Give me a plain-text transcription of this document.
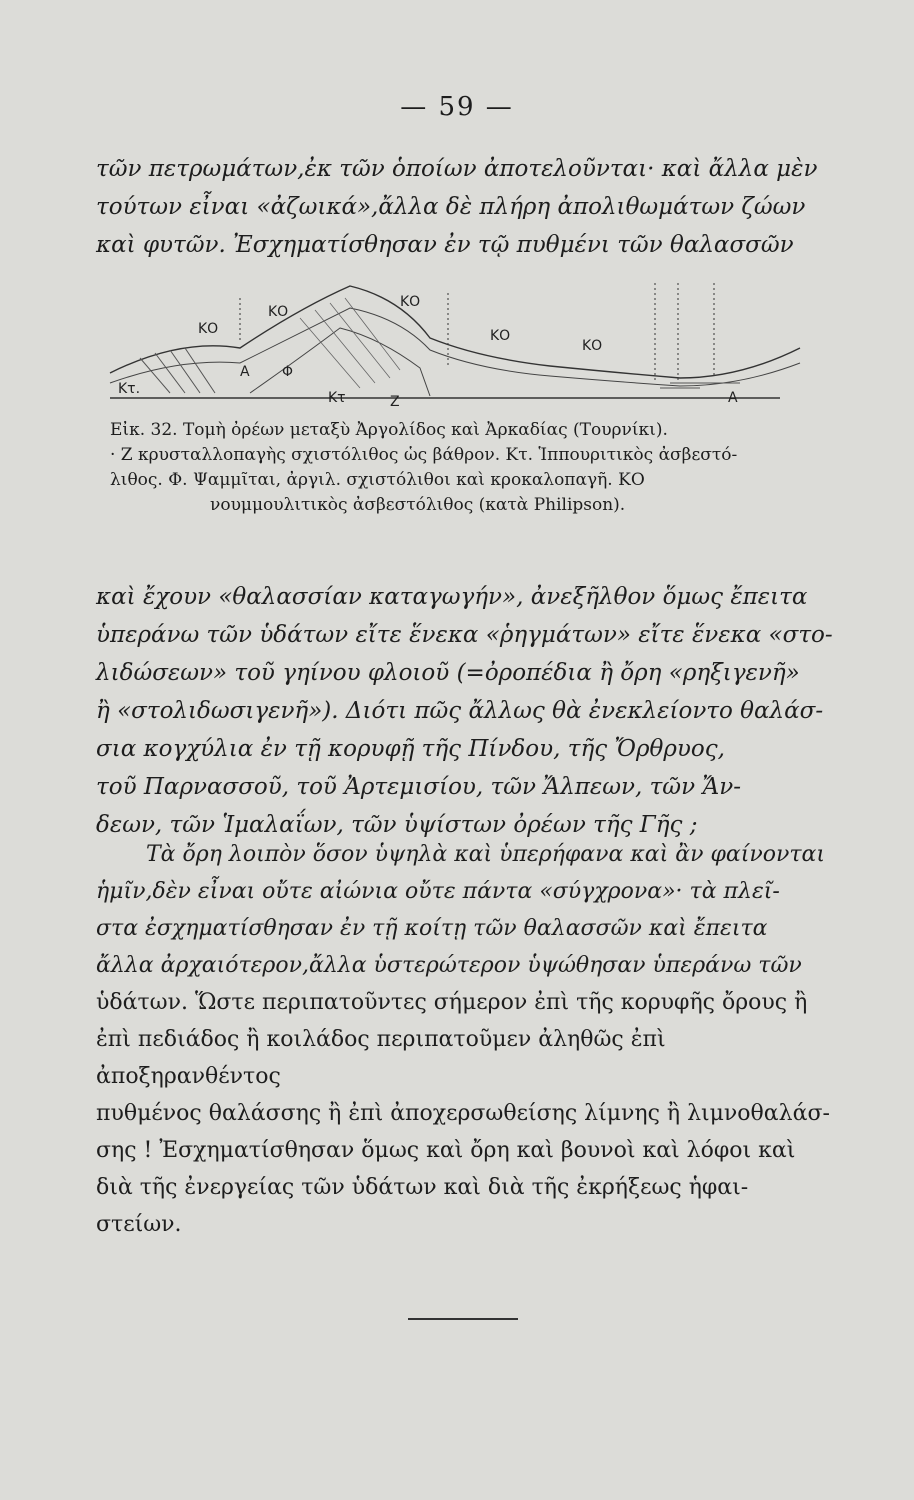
— 59 —

τῶν πετρωμάτων,ἐκ τῶν ὁποίων ἀποτελοῦνται· καὶ ἄλλα μὲν

τούτων εἶναι «ἀζωικά»,ἄλλα δὲ πλήρη ἀπολιθωμάτων ζώων

καὶ φυτῶν. Ἐσχηματίσθησαν ἐν τῷ πυθμένι τῶν θαλασσῶν

ΚΟ
ΚΟ
ΚΟ
ΚΟ
ΚΟ
Α Φ
Κτ.
Κτ	Ζ	Α

Εἰκ. 32. Τομὴ ὀρέων μεταξὺ Ἀργολίδος καὶ Ἀρκαδίας (Τουρνίκι).

· Ζ κρυσταλλοπαγὴς σχιστόλιθος ὡς βάθρον. Κτ. Ἱππουριτικὸς ἀσβεστό-

λιθος. Φ. Ψαμμῖται, ἀργιλ. σχιστόλιθοι καὶ κροκαλοπαγῆ. ΚΟ

νουμμουλιτικὸς ἀσβεστόλιθος (κατὰ Philipson).

καὶ ἔχουν «θαλασσίαν καταγωγήν», ἀνεξῆλθον ὅμως ἔπειτα

ὑπεράνω τῶν ὑδάτων εἴτε ἕνεκα «ῥηγμάτων» εἴτε ἕνεκα «στο-

λιδώσεων» τοῦ γηίνου φλοιοῦ (=ὀροπέδια ἢ ὄρη «ρηξιγενῆ»

ἢ «στολιδωσιγενῆ»). Διότι πῶς ἄλλως θὰ ἐνεκλείοντο θαλάσ-

σια κογχύλια ἐν τῇ κορυφῇ τῆς Πίνδου, τῆς Ὄρθρυος,

τοῦ Παρνασσοῦ, τοῦ Ἀρτεμισίου, τῶν Ἄλπεων, τῶν Ἄν-

δεων, τῶν Ἱμαλαΐων, τῶν ὑψίστων ὀρέων τῆς Γῆς ;

Τὰ ὄρη λοιπὸν ὅσον ὑψηλὰ καὶ ὑπερήφανα καὶ ἂν φαίνονται

ἡμῖν,δὲν εἶναι οὔτε αἰώνια οὔτε πάντα «σύγχρονα»· τὰ πλεῖ-

στα ἐσχηματίσθησαν ἐν τῇ κοίτῃ τῶν θαλασσῶν καὶ ἔπειτα

ἄλλα ἀρχαιότερον,ἄλλα ὑστερώτερον ὑψώθησαν ὑπεράνω τῶν

ὑδάτων. Ὥστε περιπατοῦντες σήμερον ἐπὶ τῆς κορυφῆς ὄρους ἢ

ἐπὶ πεδιάδος ἢ κοιλάδος περιπατοῦμεν ἀληθῶς ἐπὶ ἀποξηρανθέντος

πυθμένος θαλάσσης ἢ ἐπὶ ἀποχερσωθείσης λίμνης ἢ λιμνοθαλάσ-

σης ! Ἐσχηματίσθησαν ὅμως καὶ ὄρη καὶ βουνοὶ καὶ λόφοι καὶ

διὰ τῆς ἐνεργείας τῶν ὑδάτων καὶ διὰ τῆς ἐκρήξεως ἡφαι-

στείων.
